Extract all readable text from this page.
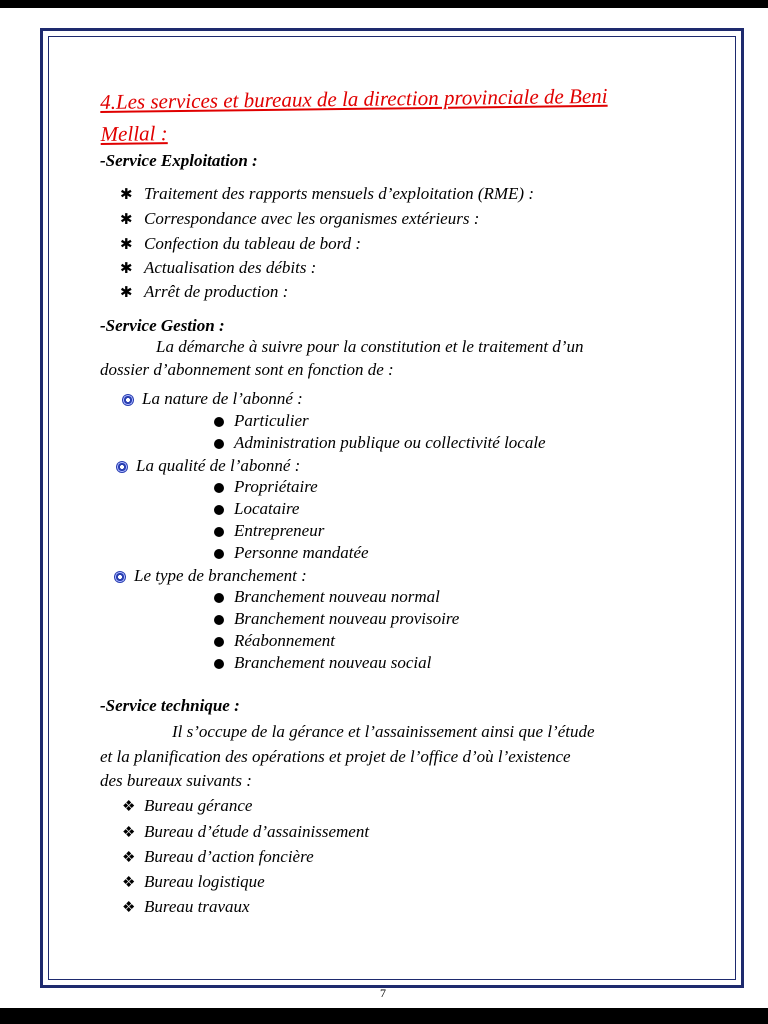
4.Les services et bureaux de la direction provinciale de Beni
Mellal :
-Service Exploitation :
✱ Traitement des rapports mensuels d’exploitation (RME) :
✱ Correspondance avec les organismes extérieurs :
✱ Confection du tableau de bord :
✱ Actualisation des débits :
✱ Arrêt de production :
-Service Gestion :
La démarche à suivre pour la constitution et le traitement d’un
dossier d’abonnement sont en fonction de :
La nature de l’abonné :
Particulier
Administration publique ou collectivité locale
La qualité de l’abonné :
Propriétaire
Locataire
Entrepreneur
Personne mandatée
Le type de branchement :
Branchement nouveau normal
Branchement nouveau provisoire
Réabonnement
Branchement nouveau social
-Service technique :
Il s’occupe de la gérance et l’assainissement ainsi que l’étude
et la planification des opérations et projet de l’office d’où l’existence
des bureaux suivants :
❖ Bureau gérance
❖ Bureau d’étude d’assainissement
❖ Bureau d’action foncière
❖ Bureau logistique
❖ Bureau travaux
7
